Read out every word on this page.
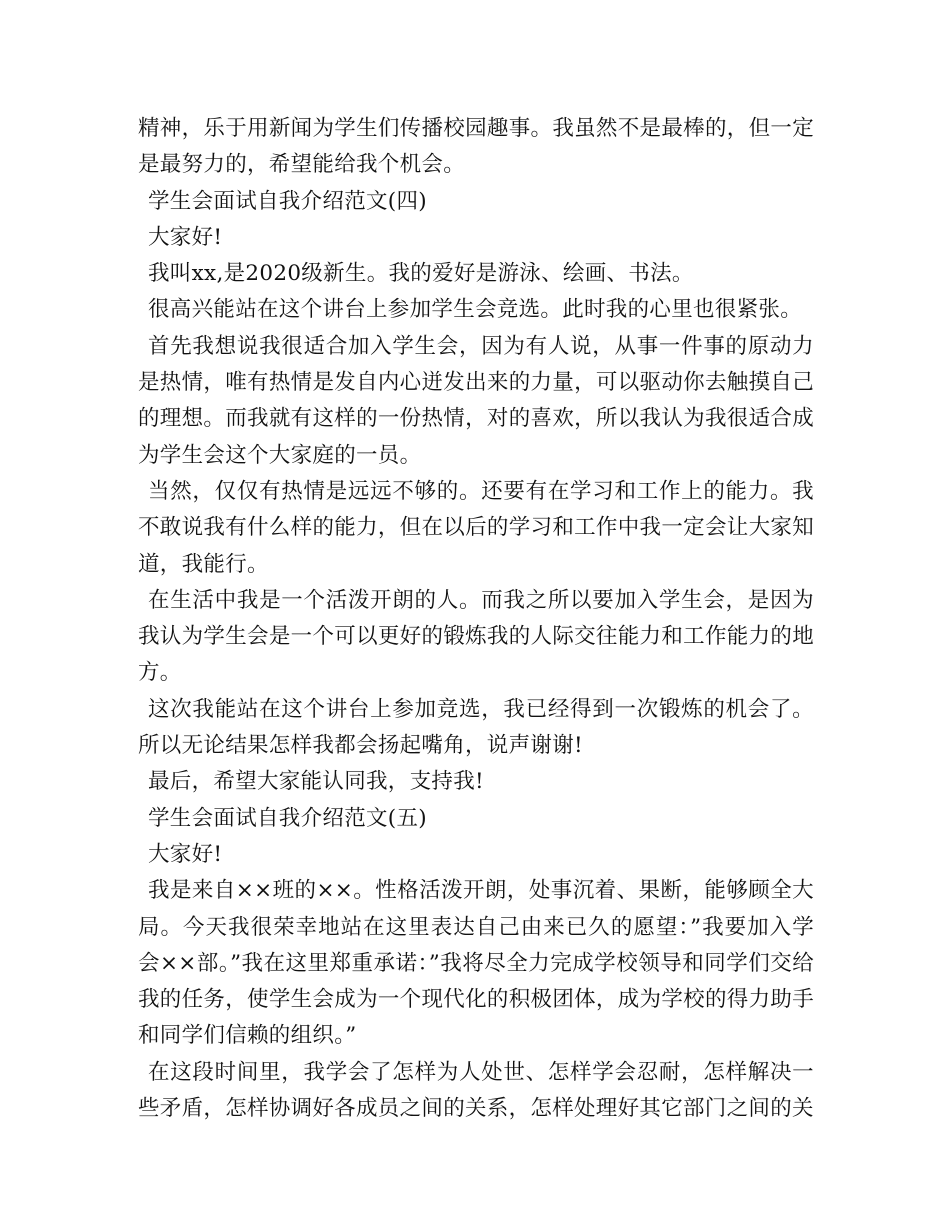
精神，乐于用新闻为学生们传播校园趣事。我虽然不是最棒的，但一定是最努力的，希望能给我个机会。

学生会面试自我介绍范文(四)

大家好!

我叫xx,是2020级新生。我的爱好是游泳、绘画、书法。

很高兴能站在这个讲台上参加学生会竞选。此时我的心里也很紧张。

首先我想说我很适合加入学生会，因为有人说，从事一件事的原动力是热情，唯有热情是发自内心迸发出来的力量，可以驱动你去触摸自己的理想。而我就有这样的一份热情，对的喜欢，所以我认为我很适合成为学生会这个大家庭的一员。

当然，仅仅有热情是远远不够的。还要有在学习和工作上的能力。我不敢说我有什么样的能力，但在以后的学习和工作中我一定会让大家知道，我能行。

在生活中我是一个活泼开朗的人。而我之所以要加入学生会，是因为我认为学生会是一个可以更好的锻炼我的人际交往能力和工作能力的地方。

这次我能站在这个讲台上参加竞选，我已经得到一次锻炼的机会了。所以无论结果怎样我都会扬起嘴角，说声谢谢!

最后，希望大家能认同我，支持我!

学生会面试自我介绍范文(五)

大家好!

我是来自××班的××。性格活泼开朗，处事沉着、果断，能够顾全大局。今天我很荣幸地站在这里表达自己由来已久的愿望：”我要加入学会××部。”我在这里郑重承诺：”我将尽全力完成学校领导和同学们交给我的任务，使学生会成为一个现代化的积极团体，成为学校的得力助手和同学们信赖的组织。”

在这段时间里，我学会了怎样为人处世、怎样学会忍耐，怎样解决一些矛盾，怎样协调好各成员之间的关系，怎样处理好其它部门之间的关
